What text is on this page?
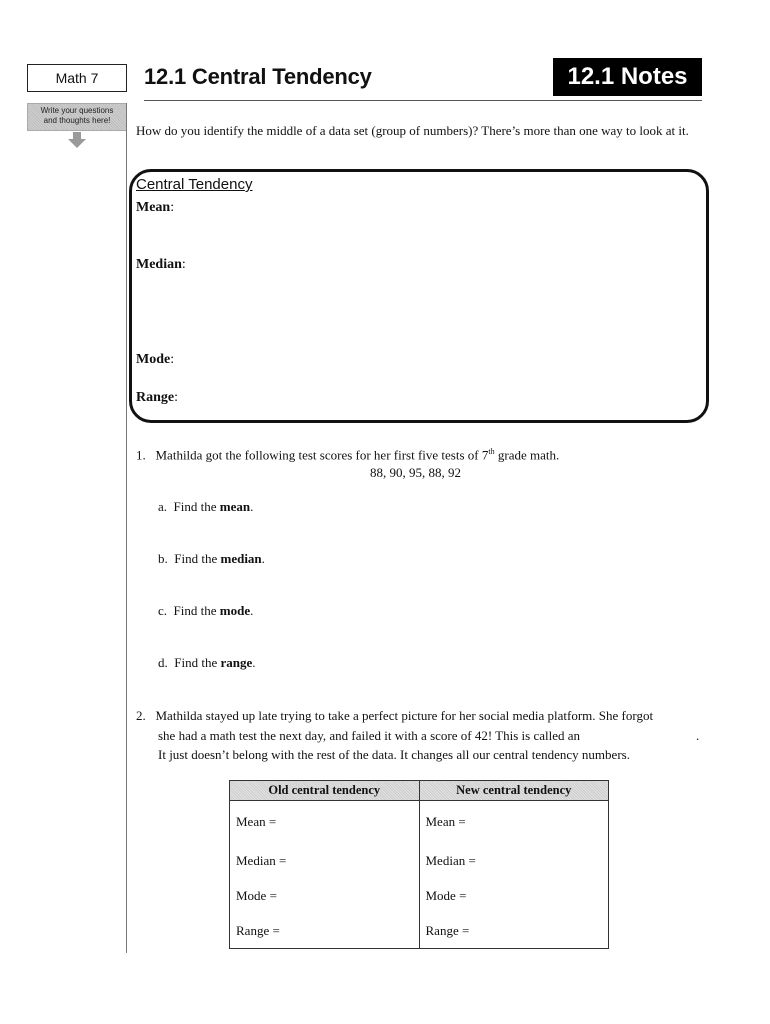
Math 7	12.1 Central Tendency	12.1 Notes
Write your questions
and thoughts here!
How do you identify the middle of a data set (group of numbers)? There’s more than one way to look at it.
Central Tendency
Mean:
Median:
Mode:
Range:
1. Mathilda got the following test scores for her first five tests of 7th grade math.
88, 90, 95, 88, 92
a. Find the mean.
b. Find the median.
c. Find the mode.
d. Find the range.
2. Mathilda stayed up late trying to take a perfect picture for her social media platform. She forgot
she had a math test the next day, and failed it with a score of 42! This is called an	.
It just doesn’t belong with the rest of the data. It changes all our central tendency numbers.
Old central tendency	New central tendency
Mean =	Mean =
Median =	Median =
Mode =	Mode =
Range =	Range =
